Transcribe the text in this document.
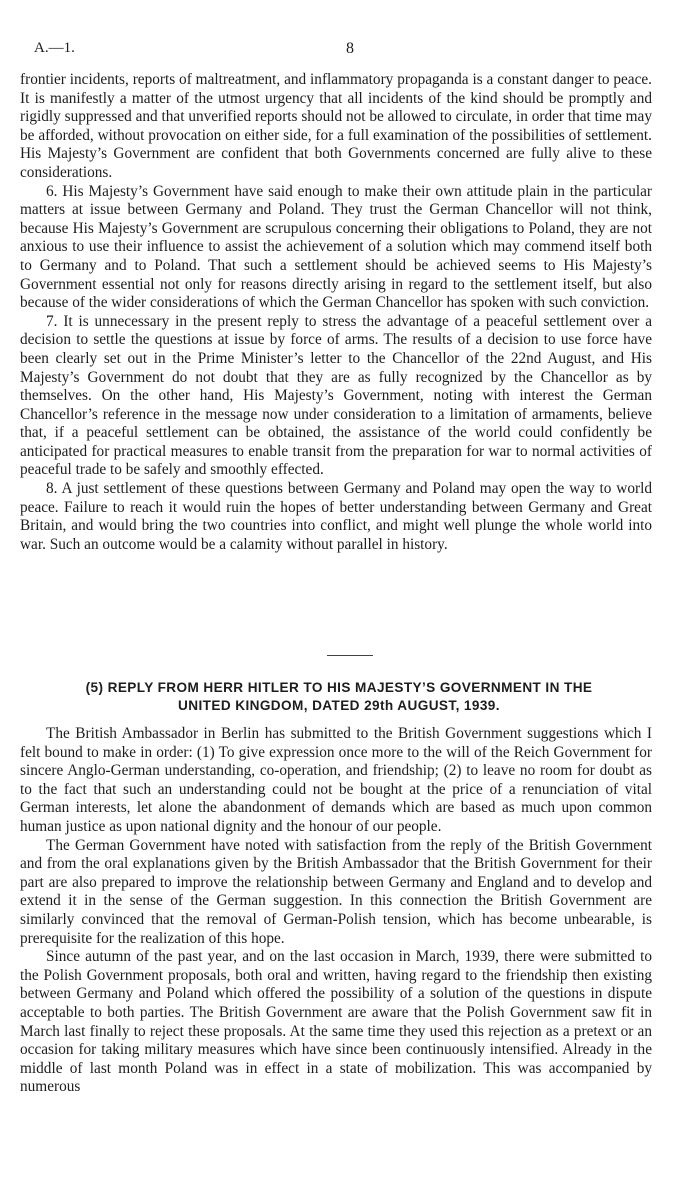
A.—1.	8

frontier incidents, reports of maltreatment, and inflammatory propaganda is a constant danger to peace. It is manifestly a matter of the utmost urgency that all incidents of the kind should be promptly and rigidly suppressed and that unverified reports should not be allowed to circulate, in order that time may be afforded, without provocation on either side, for a full examination of the possibilities of settlement. His Majesty’s Government are confident that both Governments concerned are fully alive to these considerations.

6. His Majesty’s Government have said enough to make their own attitude plain in the particular matters at issue between Germany and Poland. They trust the German Chancellor will not think, because His Majesty’s Government are scrupulous concerning their obligations to Poland, they are not anxious to use their influence to assist the achievement of a solution which may commend itself both to Germany and to Poland. That such a settlement should be achieved seems to His Majesty’s Government essential not only for reasons directly arising in regard to the settlement itself, but also because of the wider considerations of which the German Chancellor has spoken with such conviction.

7. It is unnecessary in the present reply to stress the advantage of a peaceful settlement over a decision to settle the questions at issue by force of arms. The results of a decision to use force have been clearly set out in the Prime Minister’s letter to the Chancellor of the 22nd August, and His Majesty’s Government do not doubt that they are as fully recognized by the Chancellor as by themselves. On the other hand, His Majesty’s Government, noting with interest the German Chancellor’s reference in the message now under consideration to a limitation of armaments, believe that, if a peaceful settlement can be obtained, the assistance of the world could confidently be anticipated for practical measures to enable transit from the preparation for war to normal activities of peaceful trade to be safely and smoothly effected.

8. A just settlement of these questions between Germany and Poland may open the way to world peace. Failure to reach it would ruin the hopes of better understanding between Germany and Great Britain, and would bring the two countries into conflict, and might well plunge the whole world into war. Such an outcome would be a calamity without parallel in history.

(5) REPLY FROM HERR HITLER TO HIS MAJESTY’S GOVERNMENT IN THE
UNITED KINGDOM, DATED 29th AUGUST, 1939.

The British Ambassador in Berlin has submitted to the British Government suggestions which I felt bound to make in order: (1) To give expression once more to the will of the Reich Government for sincere Anglo-German understanding, co-operation, and friendship; (2) to leave no room for doubt as to the fact that such an understanding could not be bought at the price of a renunciation of vital German interests, let alone the abandonment of demands which are based as much upon common human justice as upon national dignity and the honour of our people.

The German Government have noted with satisfaction from the reply of the British Government and from the oral explanations given by the British Ambassador that the British Government for their part are also prepared to improve the relationship between Germany and England and to develop and extend it in the sense of the German suggestion. In this connection the British Government are similarly convinced that the removal of German-Polish tension, which has become unbearable, is prerequisite for the realization of this hope.

Since autumn of the past year, and on the last occasion in March, 1939, there were submitted to the Polish Government proposals, both oral and written, having regard to the friendship then existing between Germany and Poland which offered the possibility of a solution of the questions in dispute acceptable to both parties. The British Government are aware that the Polish Government saw fit in March last finally to reject these proposals. At the same time they used this rejection as a pretext or an occasion for taking military measures which have since been continuously intensified. Already in the middle of last month Poland was in effect in a state of mobilization. This was accompanied by numerous
